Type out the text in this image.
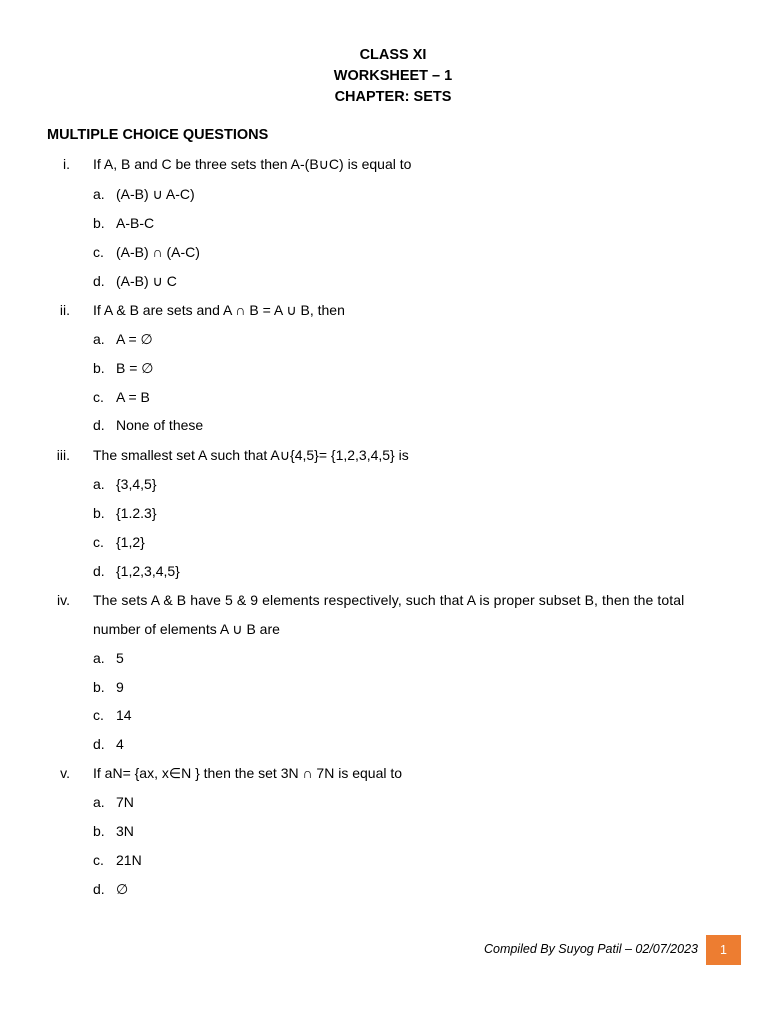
CLASS XI
WORKSHEET – 1
CHAPTER: SETS
MULTIPLE CHOICE QUESTIONS
i. If A, B and C be three sets then A-(B∪C) is equal to
a. (A-B) ∪ A-C)
b. A-B-C
c. (A-B) ∩ (A-C)
d. (A-B) ∪ C
ii. If A & B are sets and A ∩ B = A ∪ B, then
a. A = ∅
b. B = ∅
c. A = B
d. None of these
iii. The smallest set A such that A∪{4,5}= {1,2,3,4,5} is
a. {3,4,5}
b. {1.2.3}
c. {1,2}
d. {1,2,3,4,5}
iv. The sets A & B have 5 & 9 elements respectively, such that A is proper subset B, then the total
number of elements A ∪ B are
a. 5
b. 9
c. 14
d. 4
v. If aN= {ax, x∈N } then the set 3N ∩ 7N is equal to
a. 7N
b. 3N
c. 21N
d. ∅
Compiled By Suyog Patil – 02/07/2023	1
